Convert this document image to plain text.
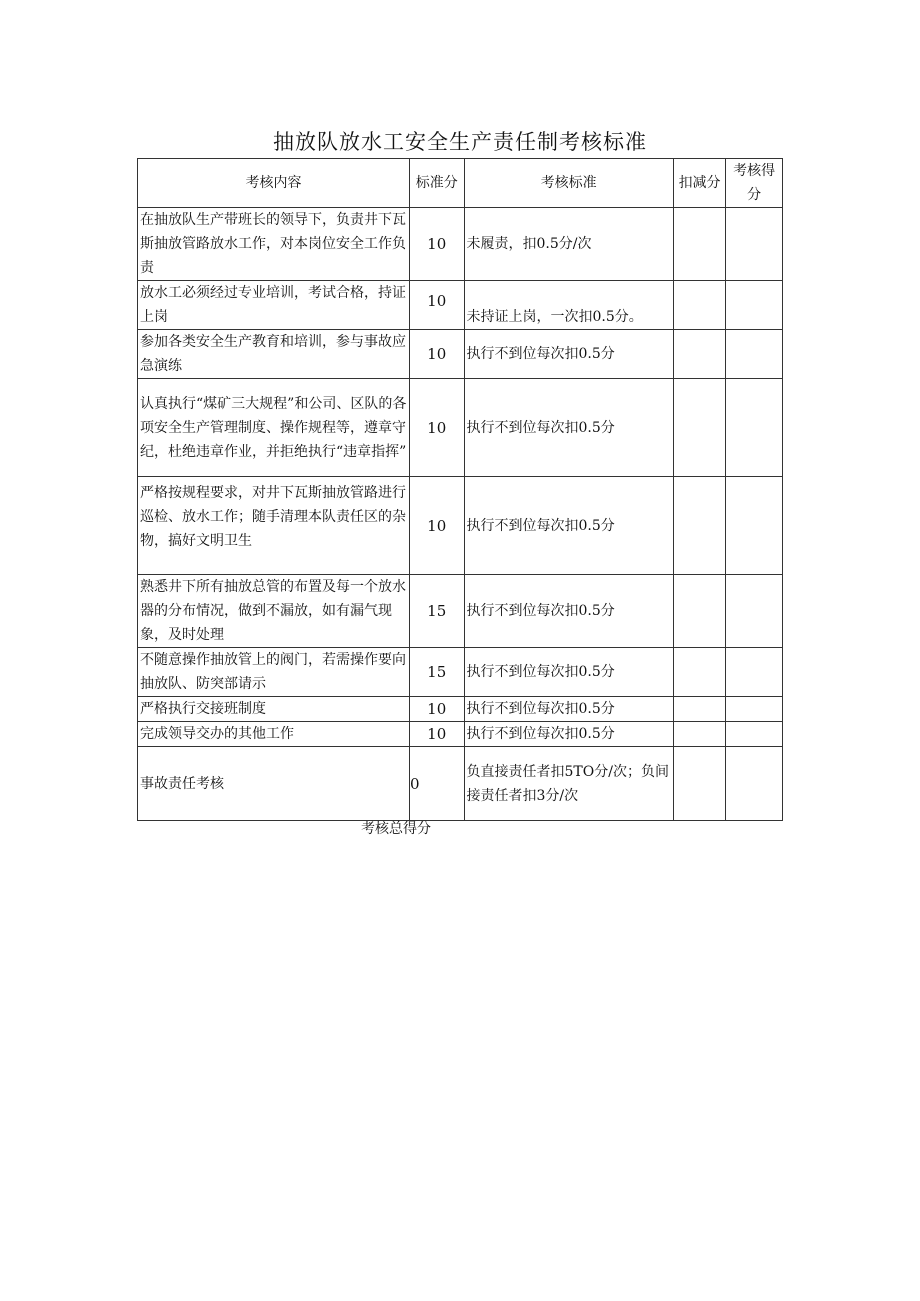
抽放队放水工安全生产责任制考核标准
考核内容	标准分	考核标准	扣减分	考核得分
在抽放队生产带班长的领导下，负责井下瓦斯抽放管路放水工作，对本岗位安全工作负责	10	未履责，扣0.5分/次		
放水工必须经过专业培训，考试合格，持证上岗	10	未持证上岗，一次扣0.5分。		
参加各类安全生产教育和培训，参与事故应急演练	10	执行不到位每次扣0.5分		
认真执行“煤矿三大规程”和公司、区队的各项安全生产管理制度、操作规程等，遵章守纪，杜绝违章作业，并拒绝执行“违章指挥”	10	执行不到位每次扣0.5分		
严格按规程要求，对井下瓦斯抽放管路进行巡检、放水工作；随手清理本队责任区的杂物，搞好文明卫生	10	执行不到位每次扣0.5分		
熟悉井下所有抽放总管的布置及每一个放水器的分布情况，做到不漏放，如有漏气现象，及时处理	15	执行不到位每次扣0.5分		
不随意操作抽放管上的阀门，若需操作要向抽放队、防突部请示	15	执行不到位每次扣0.5分		
严格执行交接班制度	10	执行不到位每次扣0.5分		
完成领导交办的其他工作	10	执行不到位每次扣0.5分		
事故责任考核	0	负直接责任者扣5TO分/次；负间接责任者扣3分/次		
考核总得分
